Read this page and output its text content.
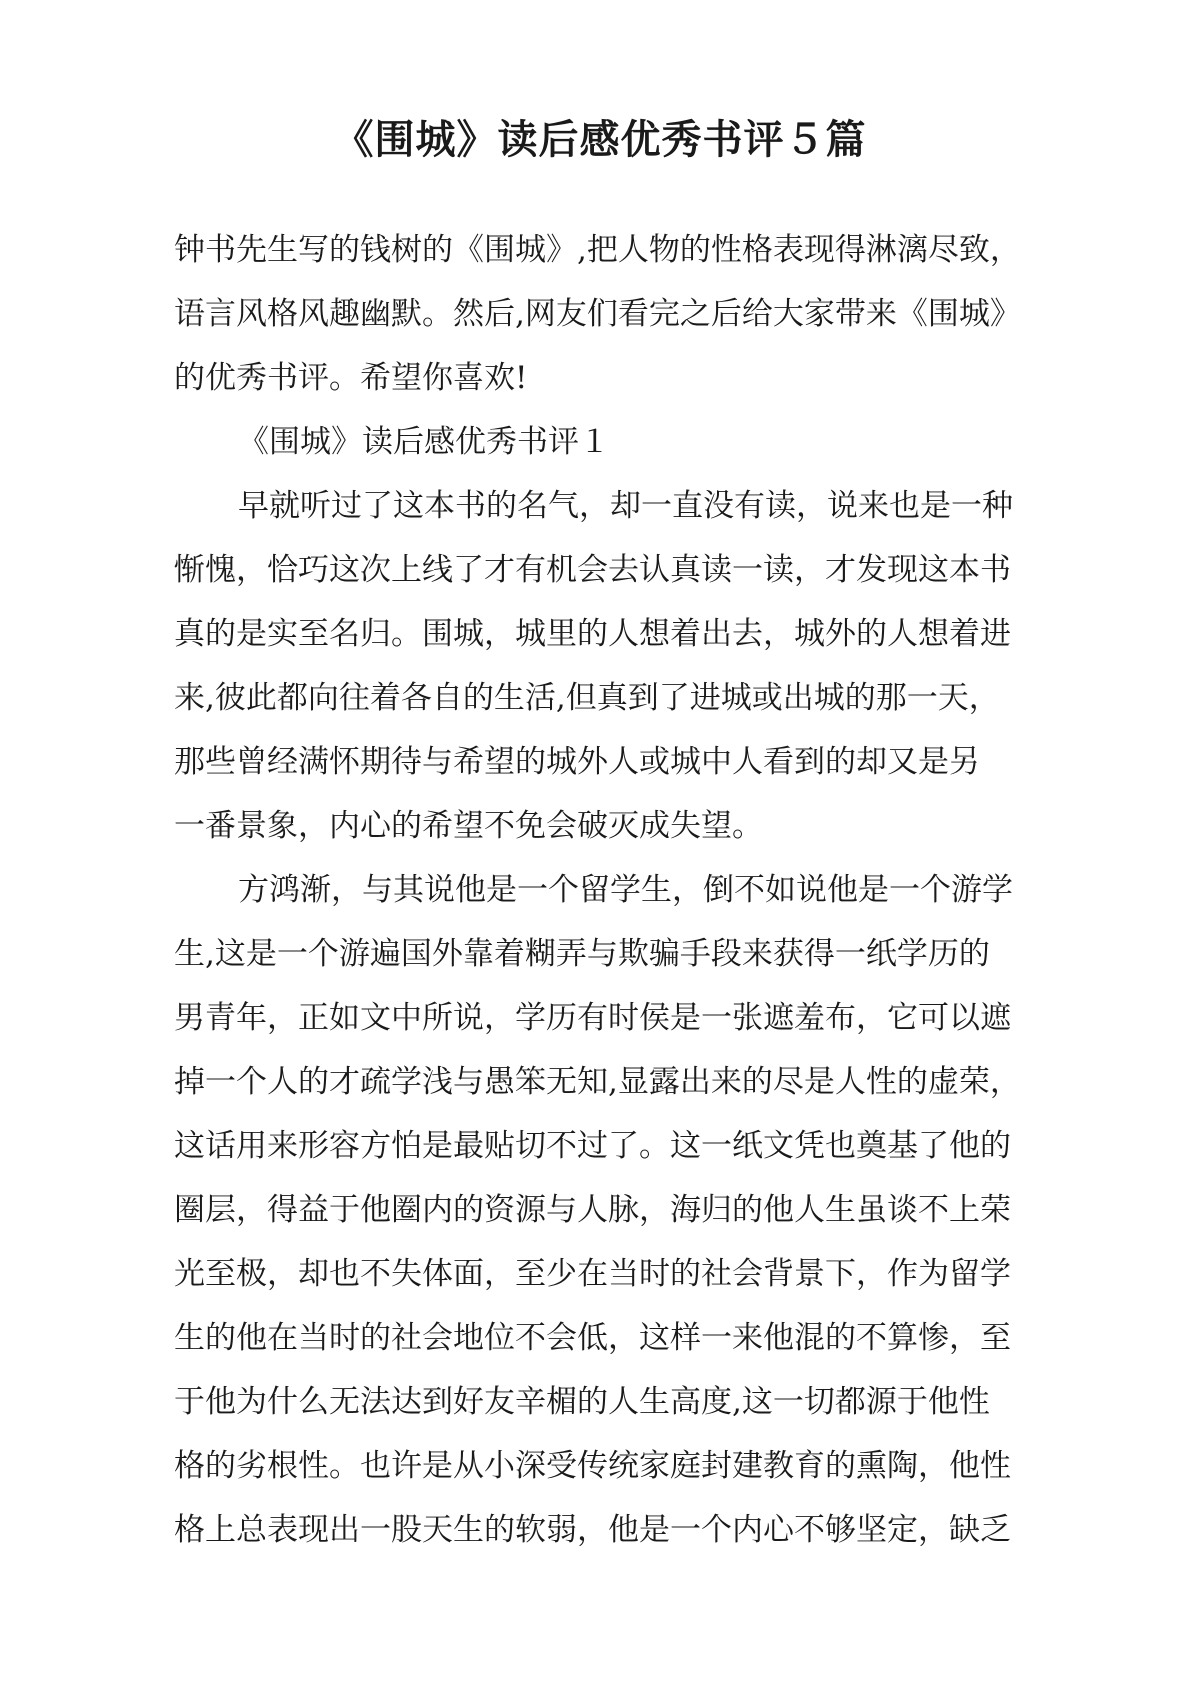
《围城》读后感优秀书评５篇
钟书先生写的钱树的《围城》,把人物的性格表现得淋漓尽致，
语言风格风趣幽默。然后,网友们看完之后给大家带来《围城》
的优秀书评。希望你喜欢!
《围城》读后感优秀书评１
早就听过了这本书的名气，却一直没有读，说来也是一种
惭愧，恰巧这次上线了才有机会去认真读一读，才发现这本书
真的是实至名归。围城，城里的人想着出去，城外的人想着进
来,彼此都向往着各自的生活,但真到了进城或出城的那一天，
那些曾经满怀期待与希望的城外人或城中人看到的却又是另
一番景象，内心的希望不免会破灭成失望。
方鸿渐，与其说他是一个留学生，倒不如说他是一个游学
生,这是一个游遍国外靠着糊弄与欺骗手段来获得一纸学历的
男青年，正如文中所说，学历有时侯是一张遮羞布，它可以遮
掉一个人的才疏学浅与愚笨无知,显露出来的尽是人性的虚荣，
这话用来形容方怕是最贴切不过了。这一纸文凭也奠基了他的
圈层，得益于他圈内的资源与人脉，海归的他人生虽谈不上荣
光至极，却也不失体面，至少在当时的社会背景下，作为留学
生的他在当时的社会地位不会低，这样一来他混的不算惨，至
于他为什么无法达到好友辛楣的人生高度,这一切都源于他性
格的劣根性。也许是从小深受传统家庭封建教育的熏陶，他性
格上总表现出一股天生的软弱，他是一个内心不够坚定，缺乏
